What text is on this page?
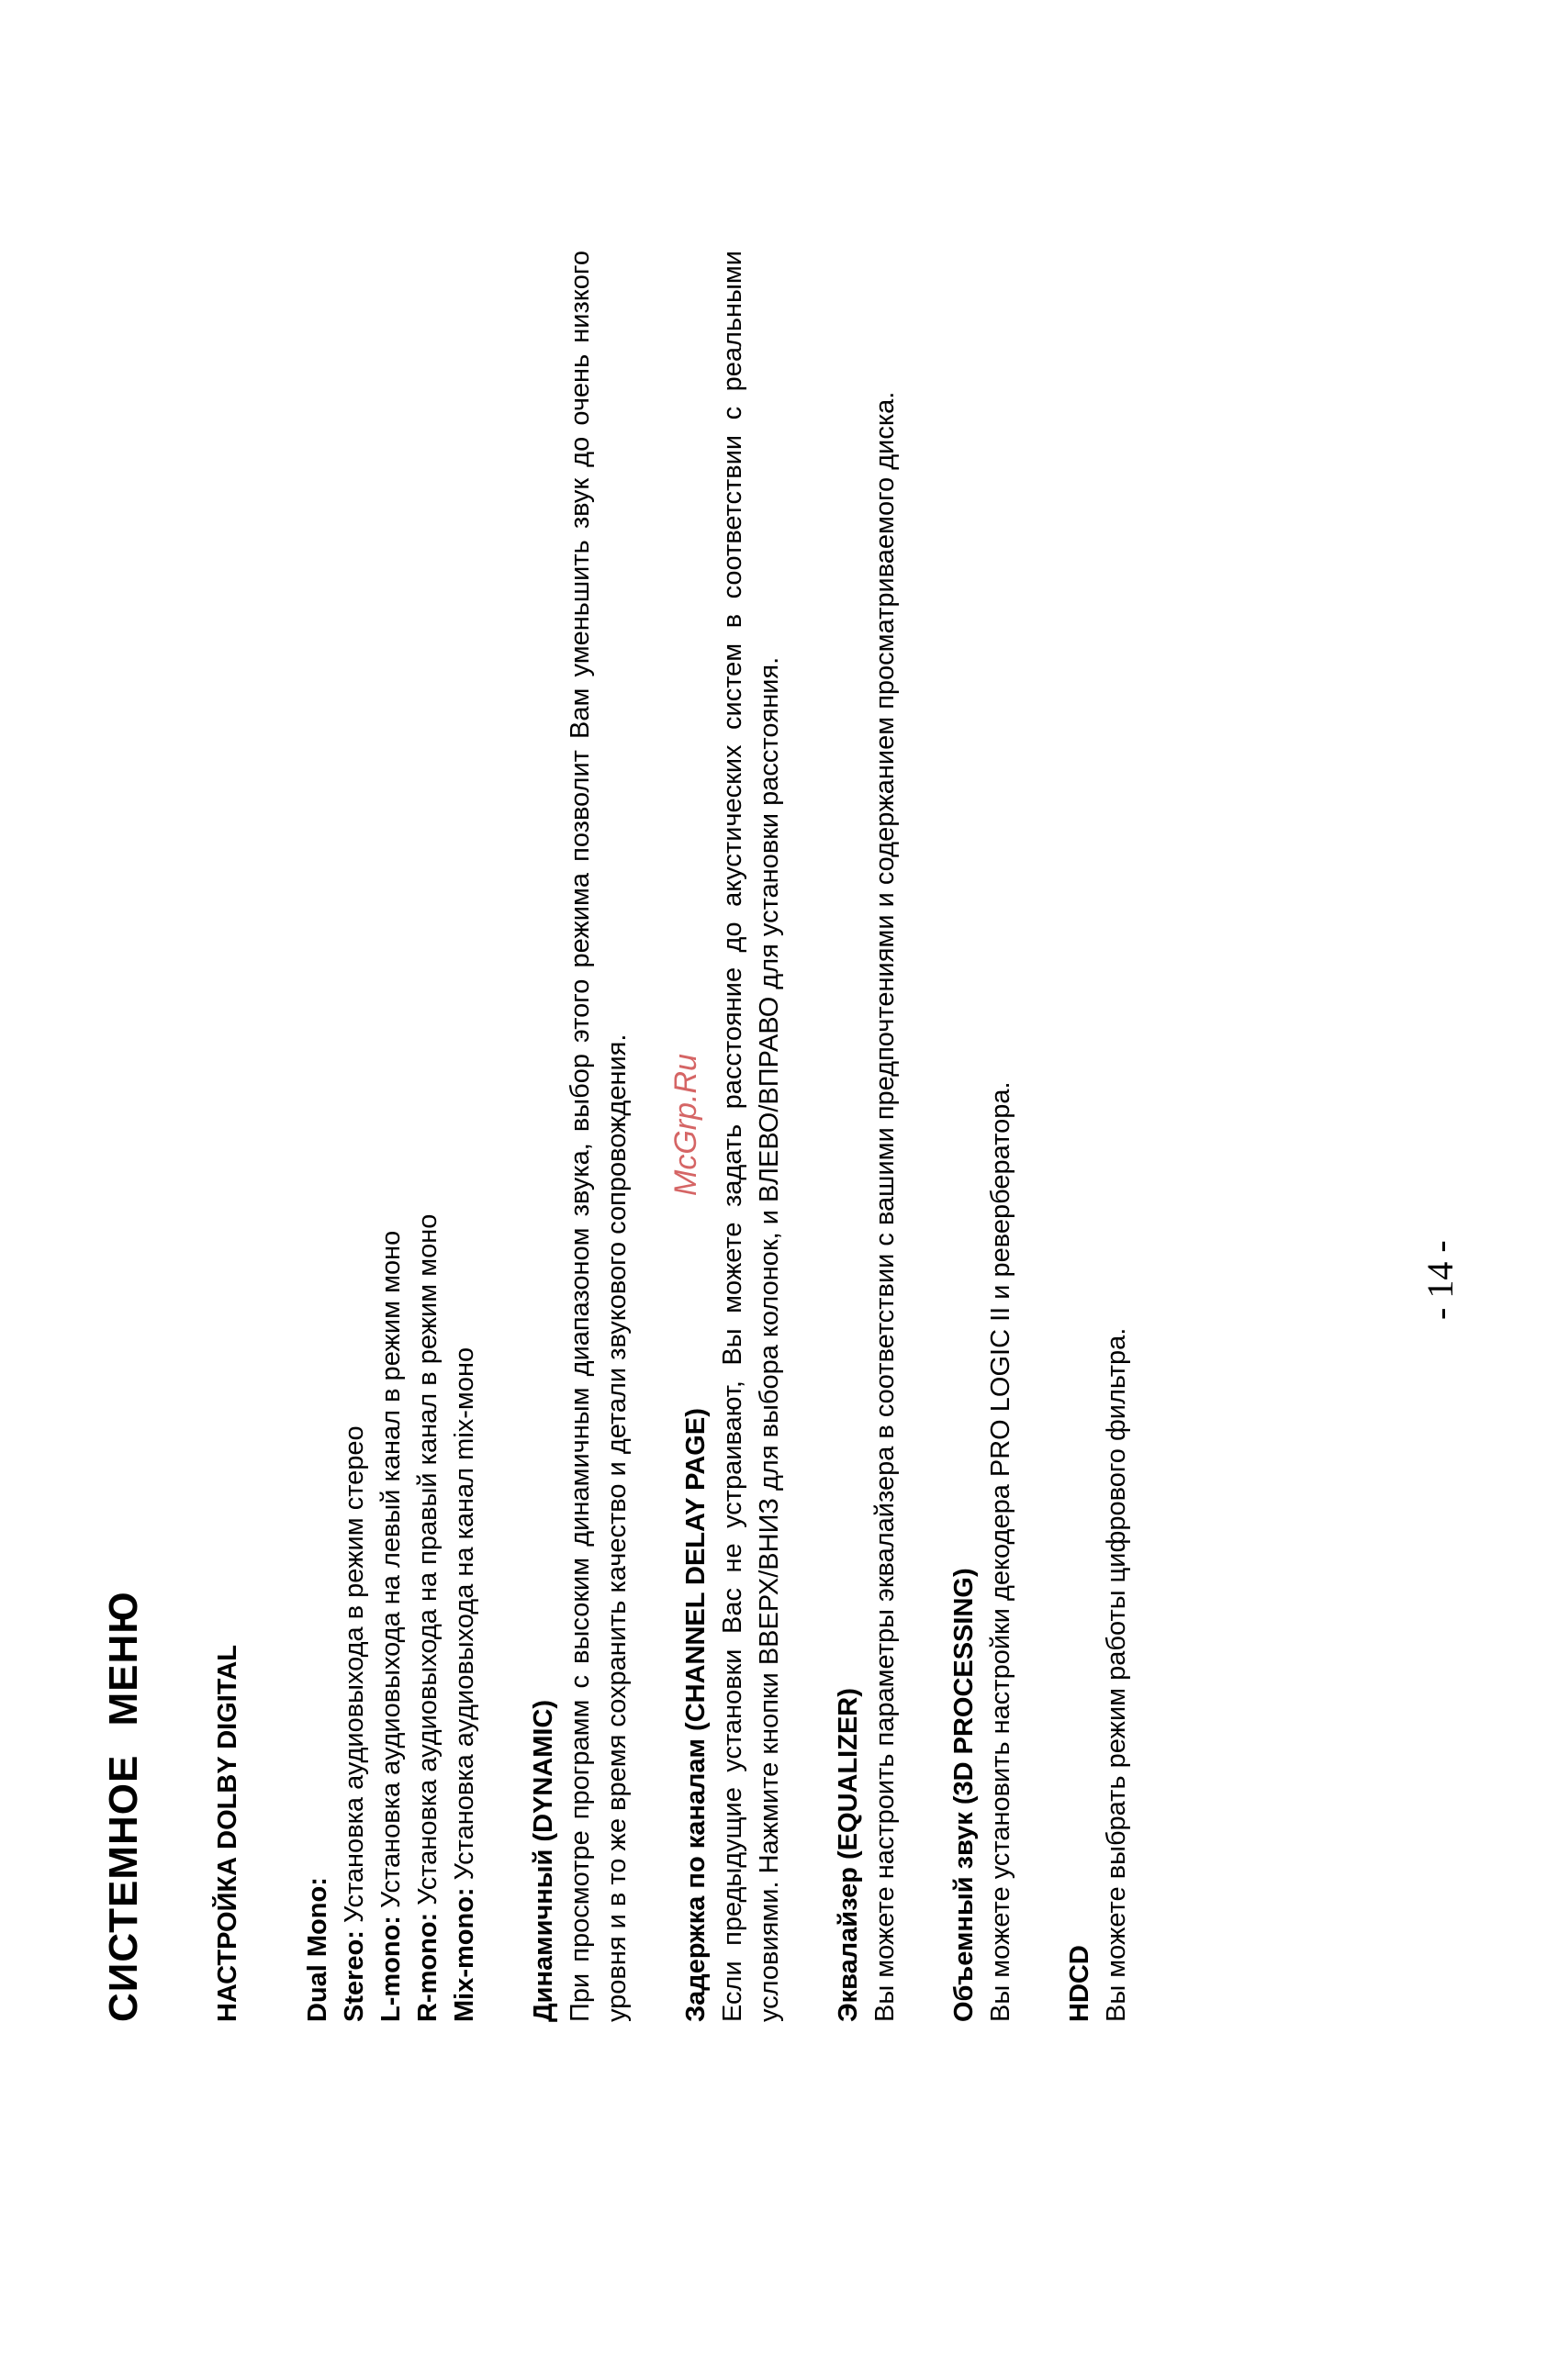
СИСТЕМНОЕ МЕНЮ	НАСТРОЙКА DOLBY DIGITAL Dual Mono: Stereo: Установка аудиовыхода в режим стерео

L-mono: Установка аудиовыхода на левый канал в режим моно

R-mono: Установка аудиовыхода на правый канал в режим моно

Mix-mono: Установка аудиовыхода на канал mix-моно Динамичный (DYNAMIC) При просмотре программ с высоким динамичным диапазоном звука, выбор этого режима позволит Вам уменьшить звук до очень низкого уровня и в то же время сохранить качество и детали звукового сопровождения. Задержка по каналам (CHANNEL DELAY PAGE) Если предыдущие установки Вас не устраивают, Вы можете задать расстояние до акустических систем в соответствии с реальными условиями. Нажмите кнопки ВВЕРХ/ВНИЗ для выбора колонок, и ВЛЕВО/ВПРАВО для установки расстояния. Эквалайзер (EQUALIZER) Вы можете настроить параметры эквалайзера в соответствии с вашими предпочтениями и содержанием просматриваемого диска. Объемный звук (3D PROCESSING) Вы можете установить настройки декодера PRO LOGIC II и ревербератора. HDCD Вы можете выбрать режим работы цифрового фильтра.

McGrp.Ru
- 14 -
